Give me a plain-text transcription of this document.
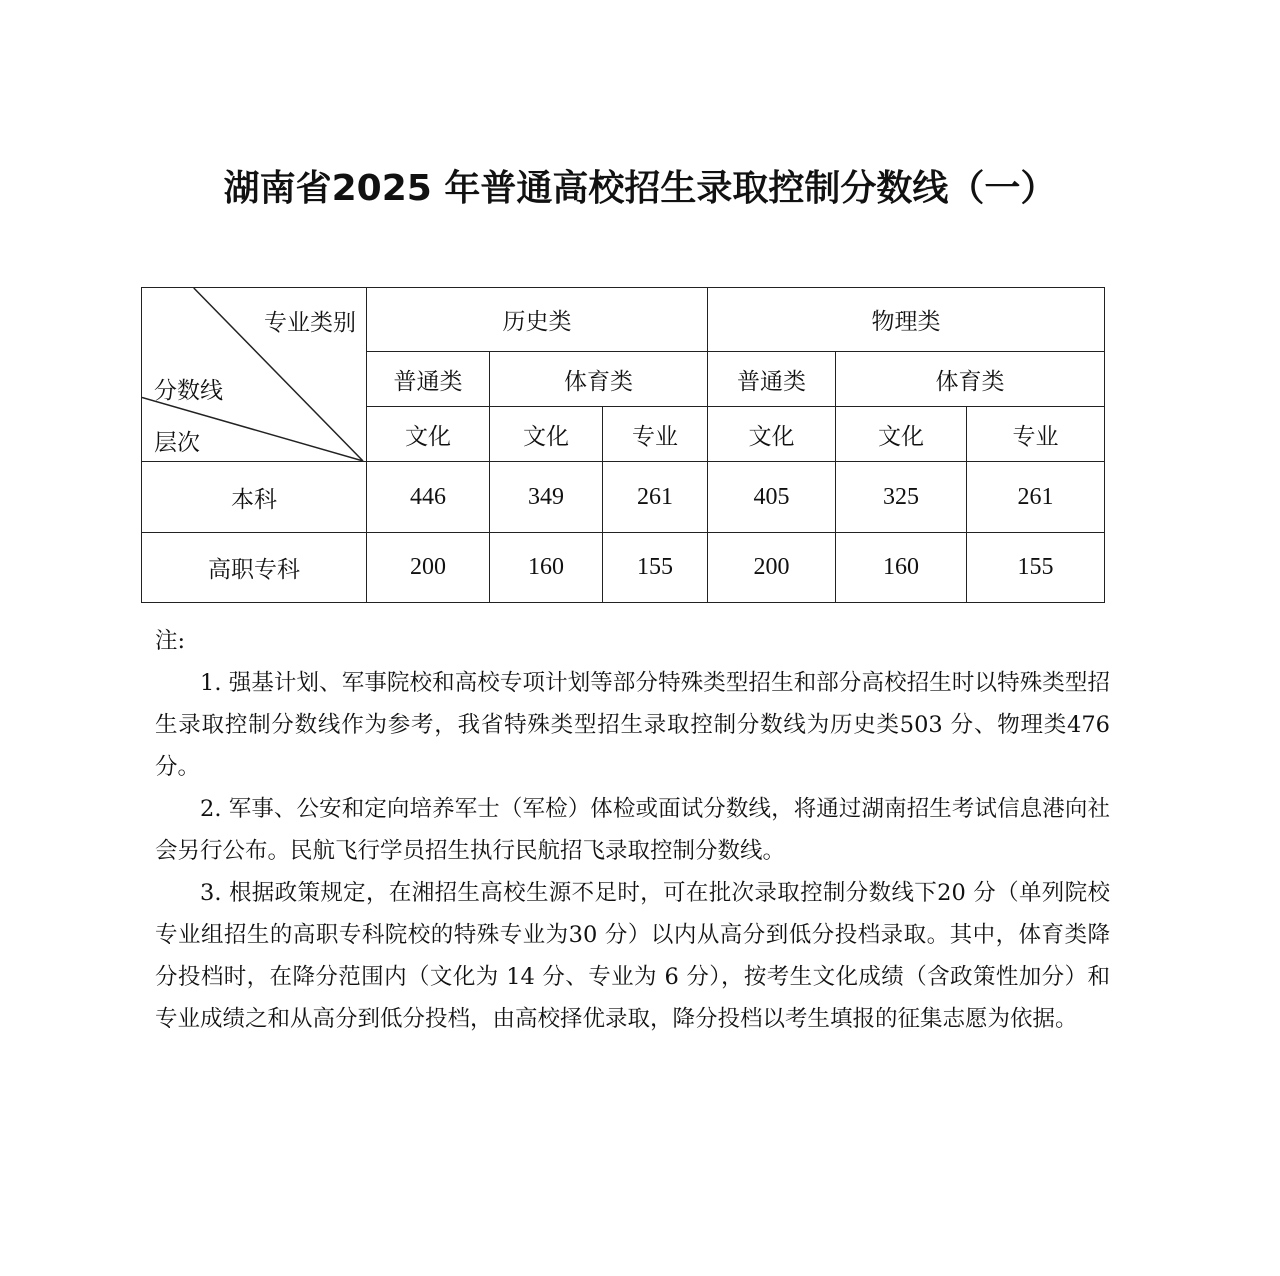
湖南省2025 年普通高校招生录取控制分数线（一）
专业类别
分数线
层次	历史类			物理类		
	普通类	体育类		普通类	体育类	
	文化	文化	专业	文化	文化	专业
本科	446	349	261	405	325	261
高职专科	200	160	155	200	160	155

注:

1. 强基计划、军事院校和高校专项计划等部分特殊类型招生和部分高校招生时以特殊类型招生录取控制分数线作为参考，我省特殊类型招生录取控制分数线为历史类503 分、物理类476 分。

2. 军事、公安和定向培养军士（军检）体检或面试分数线，将通过湖南招生考试信息港向社会另行公布。民航飞行学员招生执行民航招飞录取控制分数线。

3. 根据政策规定，在湘招生高校生源不足时，可在批次录取控制分数线下20 分（单列院校专业组招生的高职专科院校的特殊专业为30 分）以内从高分到低分投档录取。其中，体育类降分投档时，在降分范围内（文化为 14 分、专业为 6 分），按考生文化成绩（含政策性加分）和专业成绩之和从高分到低分投档，由高校择优录取，降分投档以考生填报的征集志愿为依据。
